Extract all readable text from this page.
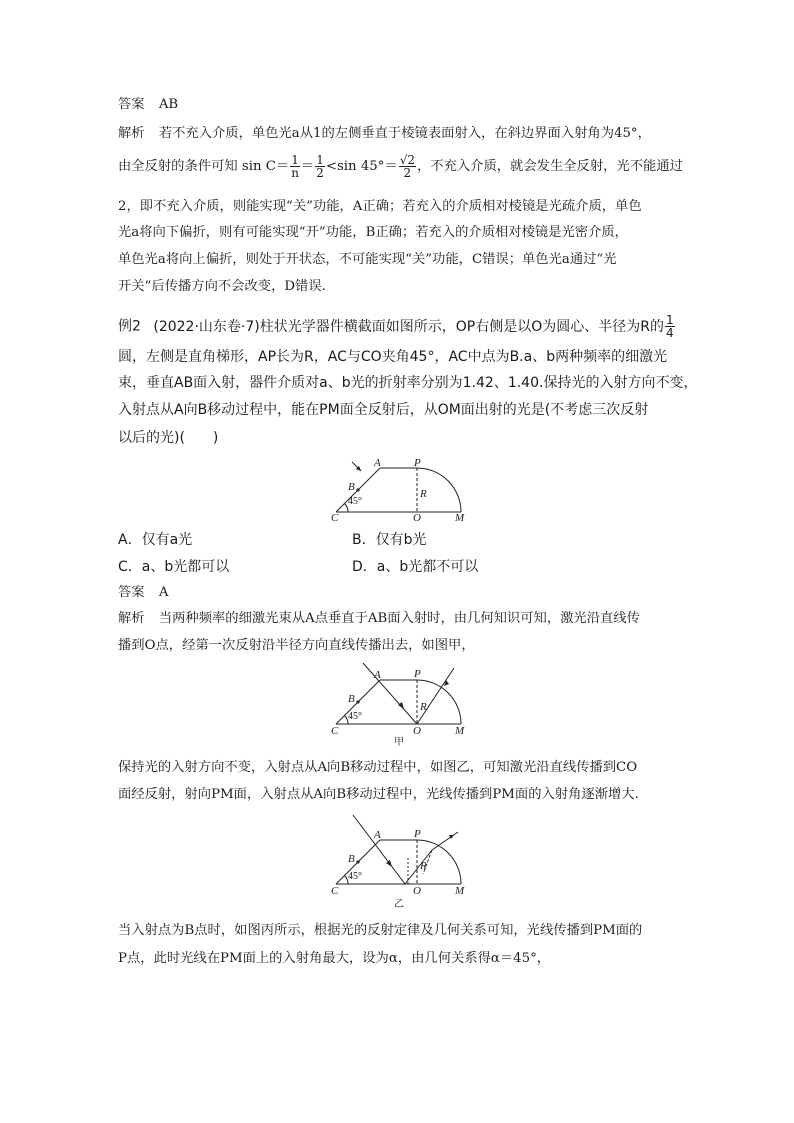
答案 AB
解析 若不充入介质，单色光a从1的左侧垂直于棱镜表面射入，在斜边界面入射角为45°，
由全反射的条件可知 $\sin C= \frac{1}{n} = \frac{1}{2} <\sin$ $45^\circ= \frac{√2}{2}$ ，不充入介质，就会发生全反射，光不能通过
2，即不充入介质，则能实现“关”功能，A正确；若充入的介质相对棱镜是光疏介质，单色
光a将向下偏折，则有可能实现“开”功能，B正确；若充入的介质相对棱镜是光密介质，
单色光a将向上偏折，则处于开状态，不可能实现“关”功能，C错误；单色光a通过“光
开关”后传播方向不会改变，D错误.
例2 (2022·山东卷·7)柱状光学器件横截面如图所示，OP右侧是以O为圆心、半径为R的 $\frac{1}{4}$
圆，左侧是直角梯形，AP长为R，AC与CO夹角45°，AC中点为B.a、b两种频率的细激光
束，垂直AB面入射，器件介质对a、b光的折射率分别为1.42、1.40.保持光的入射方向不变，
入射点从A向B移动过程中，能在PM面全反射后，从OM面出射的光是(不考虑三次反射
以后的光)(　　)
A	P
B
R
45°
C	O	M
A．仅有a光	B．仅有b光
C．a、b光都可以	D．a、b光都不可以
答案 A
解析 当两种频率的细激光束从A点垂直于AB面入射时，由几何知识可知，激光沿直线传
播到O点，经第一次反射沿半径方向直线传播出去，如图甲，
A	P
B
R
45°
C	O	M
甲
保持光的入射方向不变，入射点从A向B移动过程中，如图乙，可知激光沿直线传播到CO
面经反射，射向PM面，入射点从A向B移动过程中，光线传播到PM面的入射角逐渐增大.
A	P
B
R
45°
C	O	M
乙
当入射点为B点时，如图丙所示，根据光的反射定律及几何关系可知，光线传播到PM面的
P点，此时光线在PM面上的入射角最大，设为α，由几何关系得α＝45°，
